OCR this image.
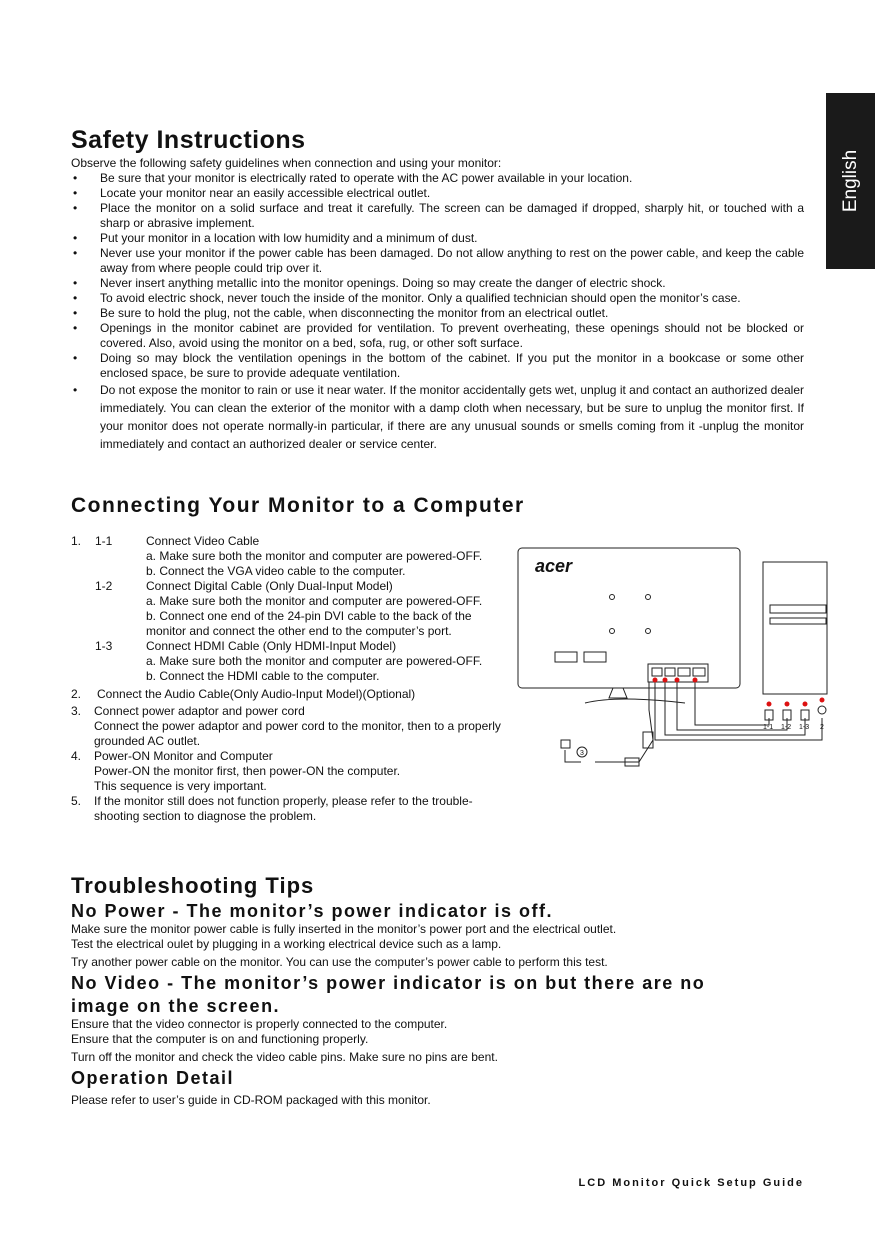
English
Safety Instructions
Observe the following safety guidelines when connection and using your monitor:
• Be sure that your monitor is electrically rated to operate with the AC power available in your location.
• Locate your monitor near an easily accessible electrical outlet.
• Place the monitor on a solid surface and treat it carefully. The screen can be damaged if dropped, sharply hit, or touched with a sharp or abrasive implement.
• Put your monitor in a location with low humidity and a minimum of dust.
• Never use your monitor if the power cable has been damaged. Do not allow anything to rest on the power cable, and keep the cable away from where people could trip over it.
• Never insert anything metallic into the monitor openings. Doing so may create the danger of electric shock.
• To avoid electric shock, never touch the inside of the monitor. Only a qualified technician should open the monitor’s case.
• Be sure to hold the plug, not the cable, when disconnecting the monitor from an electrical outlet.
• Openings in the monitor cabinet are provided for ventilation. To prevent overheating, these openings should not be blocked or covered. Also, avoid using the monitor on a bed, sofa, rug, or other soft surface.
• Doing so may block the ventilation openings in the bottom of the cabinet. If you put the monitor in a bookcase or some other enclosed space, be sure to provide adequate ventilation.
• Do not expose the monitor to rain or use it near water. If the monitor accidentally gets wet, unplug it and contact an authorized dealer immediately. You can clean the exterior of the monitor with a damp cloth when necessary, but be sure to unplug the monitor first. If your monitor does not operate normally-in particular, if there are any unusual sounds or smells coming from it -unplug the monitor immediately and contact an authorized dealer or service center.
Connecting Your Monitor to a Computer
1. 1-1	Connect Video Cable
a. Make sure both the monitor and computer are powered-OFF.
b. Connect the VGA video cable to the computer.
1-2	Connect Digital Cable (Only Dual-Input Model)
a. Make sure both the monitor and computer are powered-OFF.
b. Connect one end of the 24-pin DVI cable to the back of the monitor and connect the other end to the computer’s port.
1-3	Connect HDMI Cable (Only HDMI-Input Model)
a. Make sure both the monitor and computer are powered-OFF.
b. Connect the HDMI cable to the computer.
2. Connect the Audio Cable(Only Audio-Input Model)(Optional)
3. Connect power adaptor and power cord
Connect the power adaptor and power cord to the monitor, then to a properly grounded AC outlet.
4. Power-ON Monitor and Computer
Power-ON the monitor first, then power-ON the computer.
This sequence is very important.
5. If the monitor still does not function properly, please refer to the trouble-shooting section to diagnose the problem.
acer
1-1 1-2 1-3 2
3
Troubleshooting Tips
No Power - The monitor’s power indicator is off.
Make sure the monitor power cable is fully inserted in the monitor’s power port and the electrical outlet.
Test the electrical oulet by plugging in a working electrical device such as a lamp.
Try another power cable on the monitor. You can use the computer’s power cable to perform this test.
No Video - The monitor’s power indicator is on but there are no image on the screen.
Ensure that the video connector is properly connected to the computer.
Ensure that the computer is on and functioning properly.
Turn off the monitor and check the video cable pins. Make sure no pins are bent.
Operation Detail
Please refer to user’s guide in CD-ROM packaged with this monitor.
LCD Monitor Quick Setup Guide
